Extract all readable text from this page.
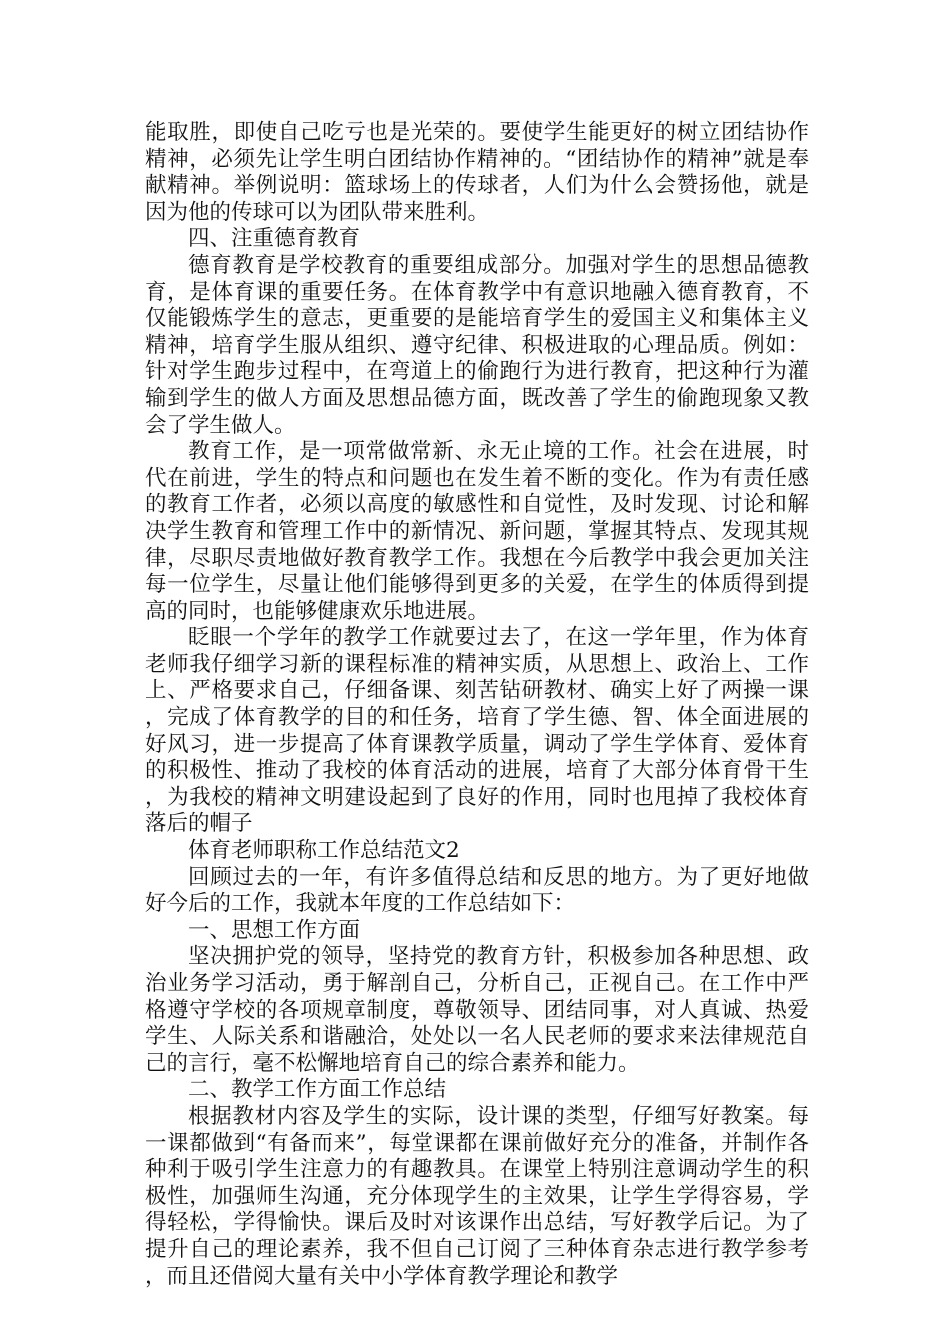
能取胜，即使自己吃亏也是光荣的。要使学生能更好的树立团结协作精神，必须先让学生明白团结协作精神的。“团结协作的精神”就是奉献精神。举例说明：篮球场上的传球者，人们为什么会赞扬他，就是因为他的传球可以为团队带来胜利。

四、注重德育教育

德育教育是学校教育的重要组成部分。加强对学生的思想品德教育，是体育课的重要任务。在体育教学中有意识地融入德育教育，不仅能锻炼学生的意志，更重要的是能培育学生的爱国主义和集体主义精神，培育学生服从组织、遵守纪律、积极进取的心理品质。例如：针对学生跑步过程中，在弯道上的偷跑行为进行教育，把这种行为灌输到学生的做人方面及思想品德方面，既改善了学生的偷跑现象又教会了学生做人。

教育工作，是一项常做常新、永无止境的工作。社会在进展，时代在前进，学生的特点和问题也在发生着不断的变化。作为有责任感的教育工作者，必须以高度的敏感性和自觉性，及时发现、讨论和解决学生教育和管理工作中的新情况、新问题，掌握其特点、发现其规律，尽职尽责地做好教育教学工作。我想在今后教学中我会更加关注每一位学生，尽量让他们能够得到更多的关爱，在学生的体质得到提高的同时，也能够健康欢乐地进展。

眨眼一个学年的教学工作就要过去了，在这一学年里，作为体育老师我仔细学习新的课程标准的精神实质，从思想上、政治上、工作上、严格要求自己，仔细备课、刻苦钻研教材、确实上好了两操一课，完成了体育教学的目的和任务，培育了学生德、智、体全面进展的好风习，进一步提高了体育课教学质量，调动了学生学体育、爱体育的积极性、推动了我校的体育活动的进展，培育了大部分体育骨干生，为我校的精神文明建设起到了良好的作用，同时也甩掉了我校体育落后的帽子

体育老师职称工作总结范文2

回顾过去的一年，有许多值得总结和反思的地方。为了更好地做好今后的工作，我就本年度的工作总结如下：

一、思想工作方面

坚决拥护党的领导，坚持党的教育方针，积极参加各种思想、政治业务学习活动，勇于解剖自己，分析自己，正视自己。在工作中严格遵守学校的各项规章制度，尊敬领导、团结同事，对人真诚、热爱学生、人际关系和谐融洽，处处以一名人民老师的要求来法律规范自己的言行，毫不松懈地培育自己的综合素养和能力。

二、教学工作方面工作总结

根据教材内容及学生的实际，设计课的类型，仔细写好教案。每一课都做到“有备而来”，每堂课都在课前做好充分的准备，并制作各种利于吸引学生注意力的有趣教具。在课堂上特别注意调动学生的积极性，加强师生沟通，充分体现学生的主效果，让学生学得容易，学得轻松，学得愉快。课后及时对该课作出总结，写好教学后记。为了提升自己的理论素养，我不但自己订阅了三种体育杂志进行教学参考，而且还借阅大量有关中小学体育教学理论和教学
